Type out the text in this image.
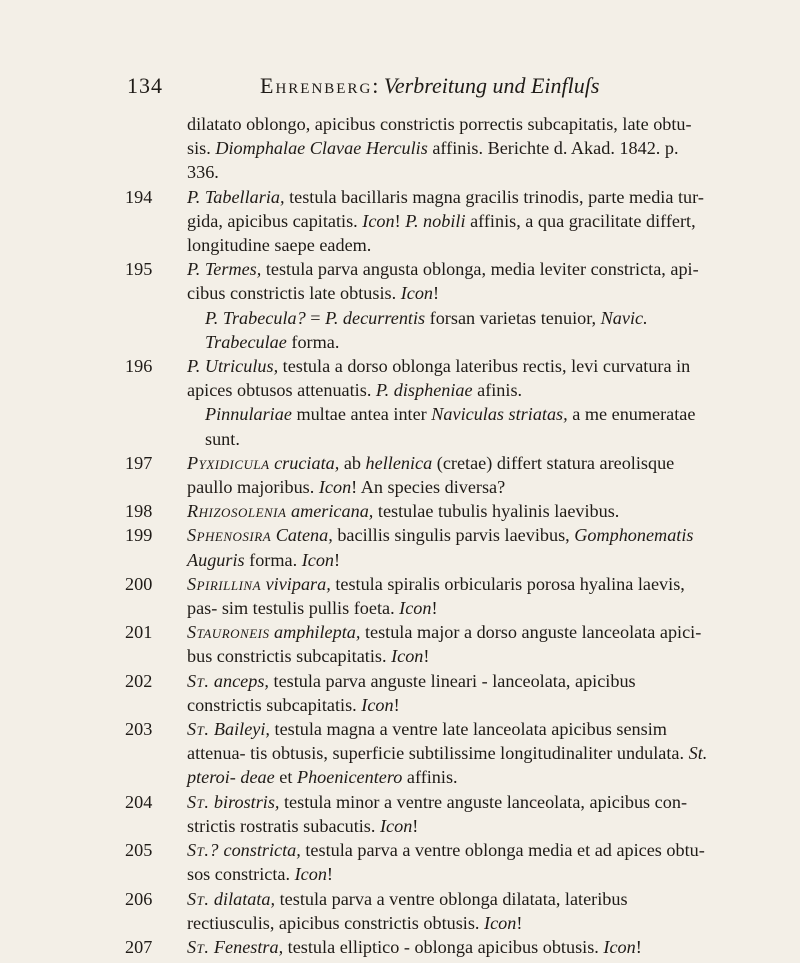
134	Ehrenberg: Verbreitung und Einfluſs
dilatato oblongo, apicibus constrictis porrectis subcapitatis, late obtu- sis. Diomphalae Clavae Herculis affinis. Berichte d. Akad. 1842. p. 336.
194	P. Tabellaria, testula bacillaris magna gracilis trinodis, parte media tur- gida, apicibus capitatis. Icon! P. nobili affinis, a qua gracilitate differt, longitudine saepe eadem.
195	P. Termes, testula parva angusta oblonga, media leviter constricta, api- cibus constrictis late obtusis. Icon!
P. Trabecula? = P. decurrentis forsan varietas tenuior, Navic. Trabeculae forma.
196	P. Utriculus, testula a dorso oblonga lateribus rectis, levi curvatura in apices obtusos attenuatis. P. dispheniae afinis.
Pinnulariae multae antea inter Naviculas striatas, a me enumeratae sunt.
197	Pyxidicula cruciata, ab hellenica (cretae) differt statura areolisque paullo majoribus. Icon! An species diversa?
198	Rhizosolenia americana, testulae tubulis hyalinis laevibus.
199	Sphenosira Catena, bacillis singulis parvis laevibus, Gomphonematis Auguris forma. Icon!
200	Spirillina vivipara, testula spiralis orbicularis porosa hyalina laevis, pas- sim testulis pullis foeta. Icon!
201	Stauroneis amphilepta, testula major a dorso anguste lanceolata apici- bus constrictis subcapitatis. Icon!
202	St. anceps, testula parva anguste lineari - lanceolata, apicibus constrictis subcapitatis. Icon!
203	St. Baileyi, testula magna a ventre late lanceolata apicibus sensim attenua- tis obtusis, superficie subtilissime longitudinaliter undulata. St. pteroi- deae et Phoenicentero affinis.
204	St. birostris, testula minor a ventre anguste lanceolata, apicibus con- strictis rostratis subacutis. Icon!
205	St.? constricta, testula parva a ventre oblonga media et ad apices obtu- sos constricta. Icon!
206	St. dilatata, testula parva a ventre oblonga dilatata, lateribus rectiusculis, apicibus constrictis obtusis. Icon!
207	St. Fenestra, testula elliptico - oblonga apicibus obtusis. Icon!
